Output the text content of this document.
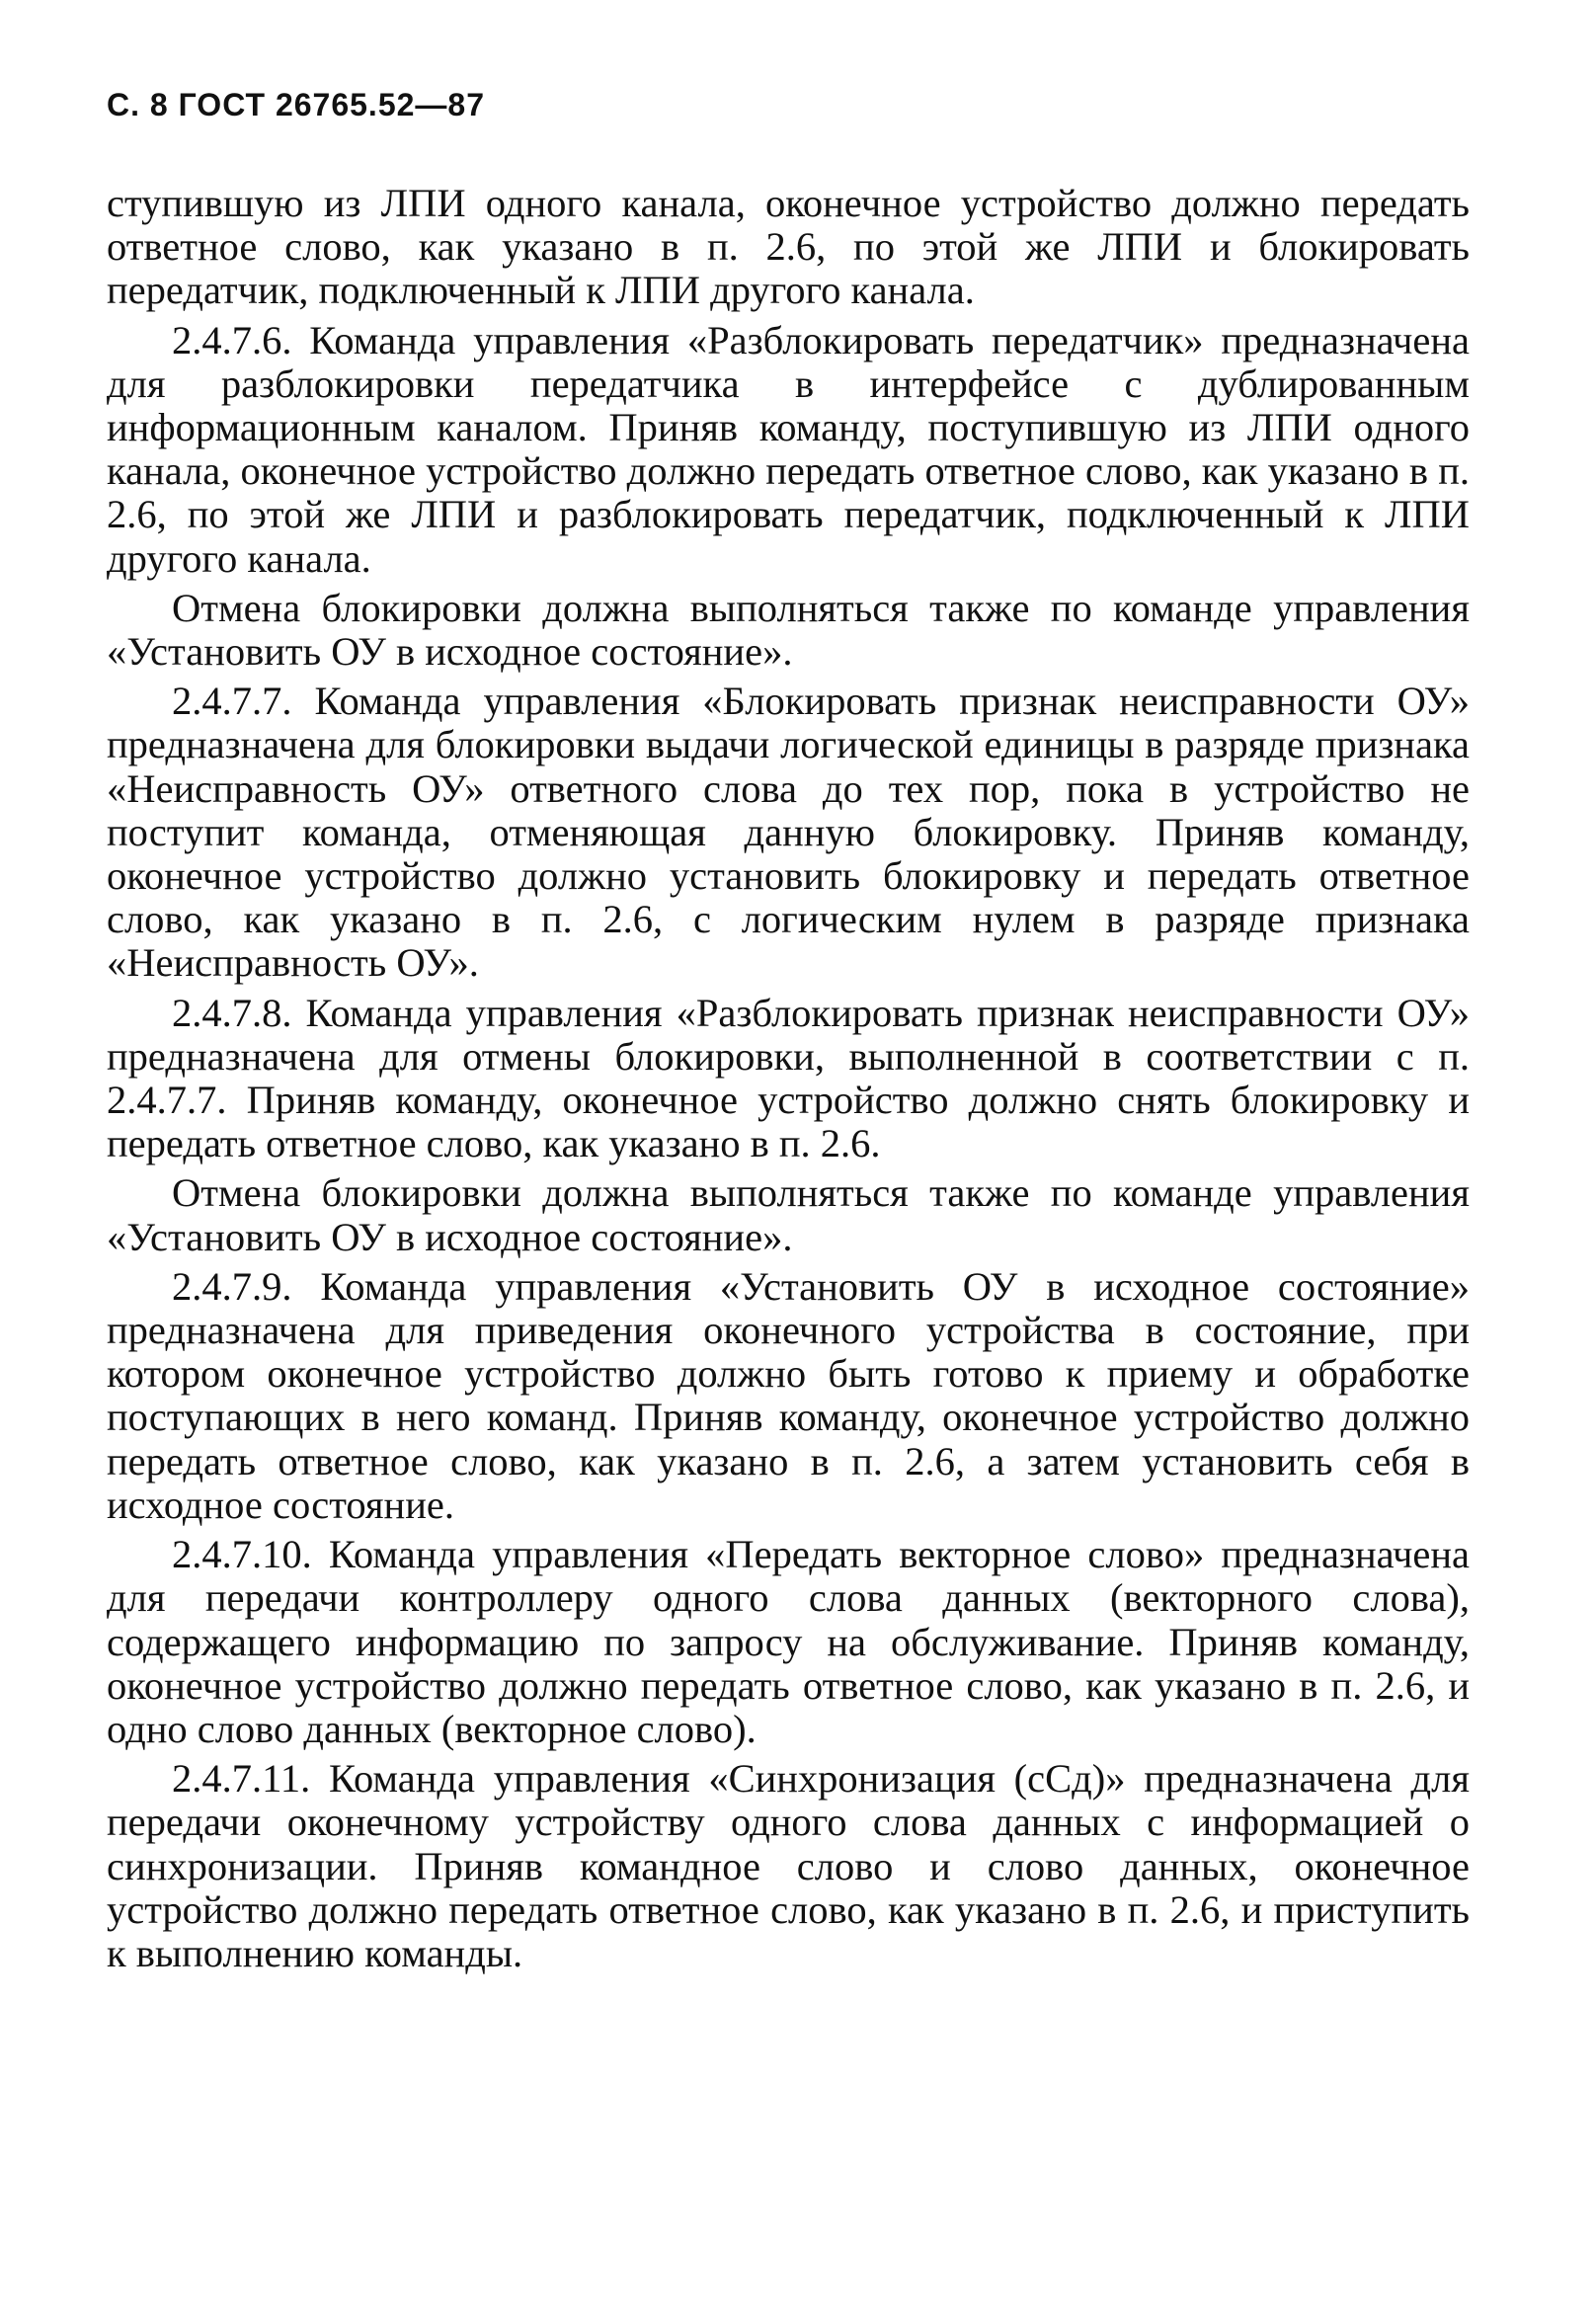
С. 8 ГОСТ 26765.52—87

ступившую из ЛПИ одного канала, оконечное устройство должно передать ответное слово, как указано в п. 2.6, по этой же ЛПИ и блокировать передатчик, подключенный к ЛПИ другого канала.

2.4.7.6. Команда управления «Разблокировать передатчик» предназначена для разблокировки передатчика в интерфейсе с дублированным информационным каналом. Приняв команду, поступившую из ЛПИ одного канала, оконечное устройство должно передать ответное слово, как указано в п. 2.6, по этой же ЛПИ и разблокировать передатчик, подключенный к ЛПИ другого канала.

Отмена блокировки должна выполняться также по команде управления «Установить ОУ в исходное состояние».

2.4.7.7. Команда управления «Блокировать признак неисправности ОУ» предназначена для блокировки выдачи логической единицы в разряде признака «Неисправность ОУ» ответного слова до тех пор, пока в устройство не поступит команда, отменяющая данную блокировку. Приняв команду, оконечное устройство должно установить блокировку и передать ответное слово, как указано в п. 2.6, с логическим нулем в разряде признака «Неисправность ОУ».

2.4.7.8. Команда управления «Разблокировать признак неисправности ОУ» предназначена для отмены блокировки, выполненной в соответствии с п. 2.4.7.7. Приняв команду, оконечное устройство должно снять блокировку и передать ответное слово, как указано в п. 2.6.

Отмена блокировки должна выполняться также по команде управления «Установить ОУ в исходное состояние».

2.4.7.9. Команда управления «Установить ОУ в исходное состояние» предназначена для приведения оконечного устройства в состояние, при котором оконечное устройство должно быть готово к приему и обработке поступающих в него команд. Приняв команду, оконечное устройство должно передать ответное слово, как указано в п. 2.6, а затем установить себя в исходное состояние.

2.4.7.10. Команда управления «Передать векторное слово» предназначена для передачи контроллеру одного слова данных (векторного слова), содержащего информацию по запросу на обслуживание. Приняв команду, оконечное устройство должно передать ответное слово, как указано в п. 2.6, и одно слово данных (векторное слово).

2.4.7.11. Команда управления «Синхронизация (сСд)» предназначена для передачи оконечному устройству одного слова данных с информацией о синхронизации. Приняв командное слово и слово данных, оконечное устройство должно передать ответное слово, как указано в п. 2.6, и приступить к выполнению команды.
